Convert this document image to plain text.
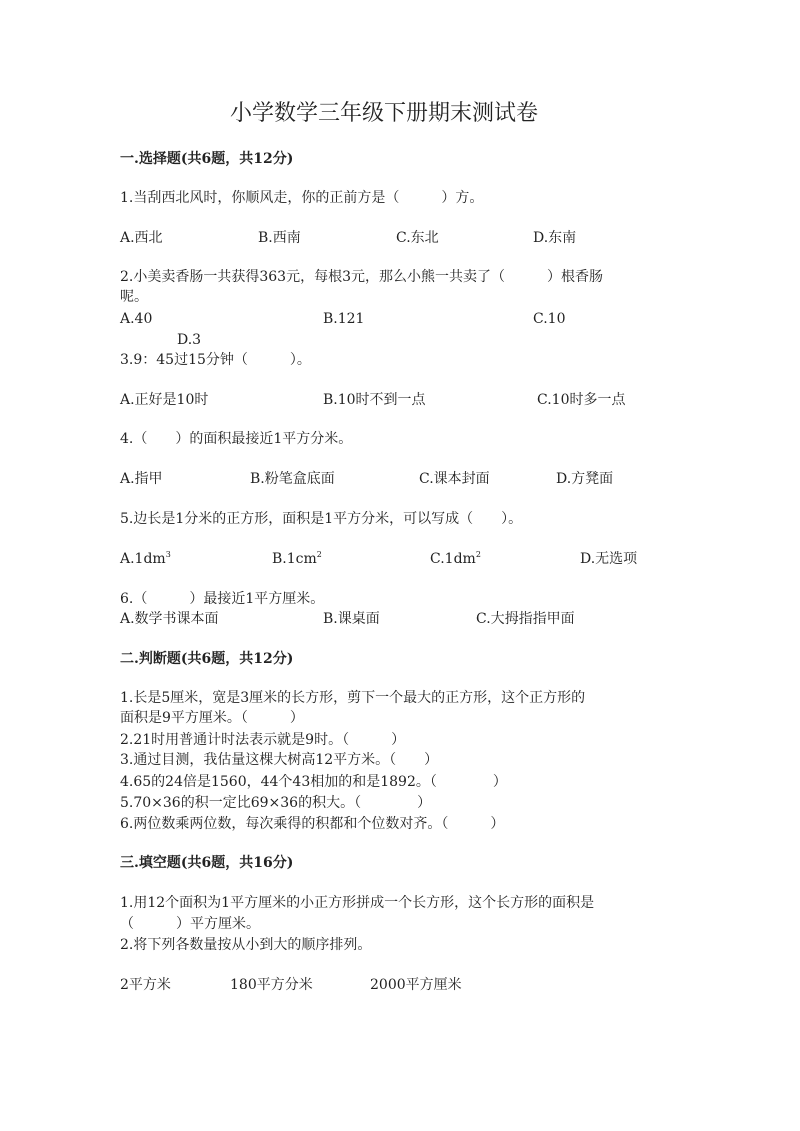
小学数学三年级下册期末测试卷
一.选择题(共6题，共12分)
1.当刮西北风时，你顺风走，你的正前方是（　　　）方。
A.西北	B.西南	C.东北	D.东南
2.小美卖香肠一共获得363元，每根3元，那么小熊一共卖了（　　　）根香肠
呢。
A.40	B.121	C.10
D.3
3.9：45过15分钟（　　　）。
A.正好是10时	B.10时不到一点	C.10时多一点
4.（　　）的面积最接近1平方分米。
A.指甲	B.粉笔盒底面	C.课本封面	D.方凳面
5.边长是1分米的正方形，面积是1平方分米，可以写成（　　）。
$A.1dm^3$	$B.1cm^2$	$C.1dm^2$	D.无选项
6.（　　　）最接近1平方厘米。
A.数学书课本面	B.课桌面	C.大拇指指甲面
二.判断题(共6题，共12分)
1.长是5厘米，宽是3厘米的长方形，剪下一个最大的正方形，这个正方形的
面积是9平方厘米。（　　　）
2.21时用普通计时法表示就是9时。（　　　）
3.通过目测，我估量这棵大树高12平方米。（　　）
4.65的24倍是1560，44个43相加的和是1892。（　　　　）
5.70×36的积一定比69×36的积大。（　　　　）
6.两位数乘两位数，每次乘得的积都和个位数对齐。（　　　）
三.填空题(共6题，共16分)
1.用12个面积为1平方厘米的小正方形拼成一个长方形，这个长方形的面积是
（　　　）平方厘米。
2.将下列各数量按从小到大的顺序排列。
2平方米	180平方分米	2000平方厘米
